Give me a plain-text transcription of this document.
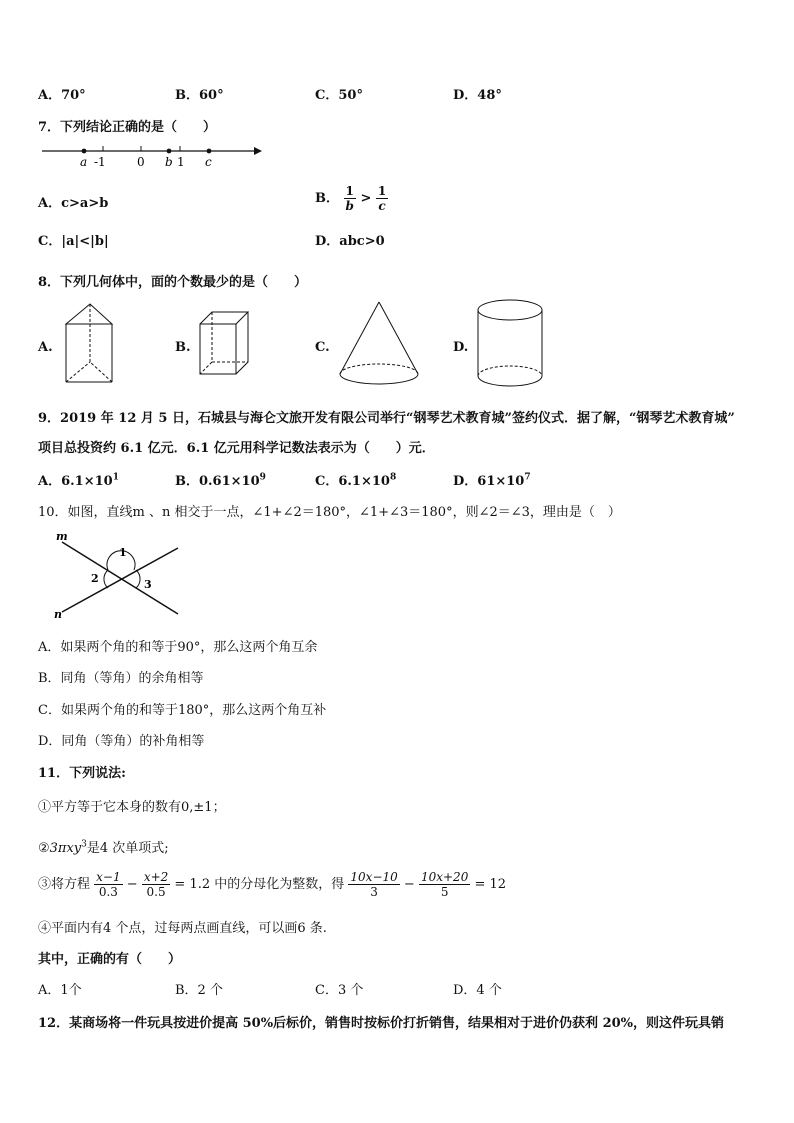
A．70°	B．60°	C．50°	D．48°
7．下列结论正确的是（　　）
a -1	0 b 1 c
A．c>a>b	B． $\frac{1}{b} > \frac{1}{c}$
C．|a|<|b|	D．abc>0
8．下列几何体中，面的个数最少的是（　　）
A.	B.	C.	D.
9．2019 年 12 月 5 日，石城县与海仑文旅开发有限公司举行“钢琴艺术教育城”签约仪式．据了解，“钢琴艺术教育城”
项目总投资约 6.1 亿元．6.1 亿元用科学记数法表示为（　　）元．
A．$6.1\times 10^1$	B．$0.61\times 10^9$	C．$6.1\times 10^8$	D．$61\times 10^7$
10．如图，直线m 、n 相交于一点，∠1+∠2＝180°，∠1+∠3＝180°，则∠2＝∠3，理由是（　）
m
n
1
2	3
A．如果两个角的和等于90°，那么这两个角互余
B．同角（等角）的余角相等
C．如果两个角的和等于180°，那么这两个角互补
D．同角（等角）的补角相等
11．下列说法:
①平方等于它本身的数有0,±1；
②3πxy$^3$是4 次单项式;
③将方程 $\frac{x-1}{0.3} - \frac{x+2}{0.5} = 1.2$ 中的分母化为整数，得 $\frac{10x-10}{3} - \frac{10x+20}{5} = 12$
④平面内有4 个点，过每两点画直线，可以画6 条.
其中，正确的有（　　）
A．1个	B．2 个	C．3 个	D．4 个
12．某商场将一件玩具按进价提高 50%后标价，销售时按标价打折销售，结果相对于进价仍获利 20%，则这件玩具销
